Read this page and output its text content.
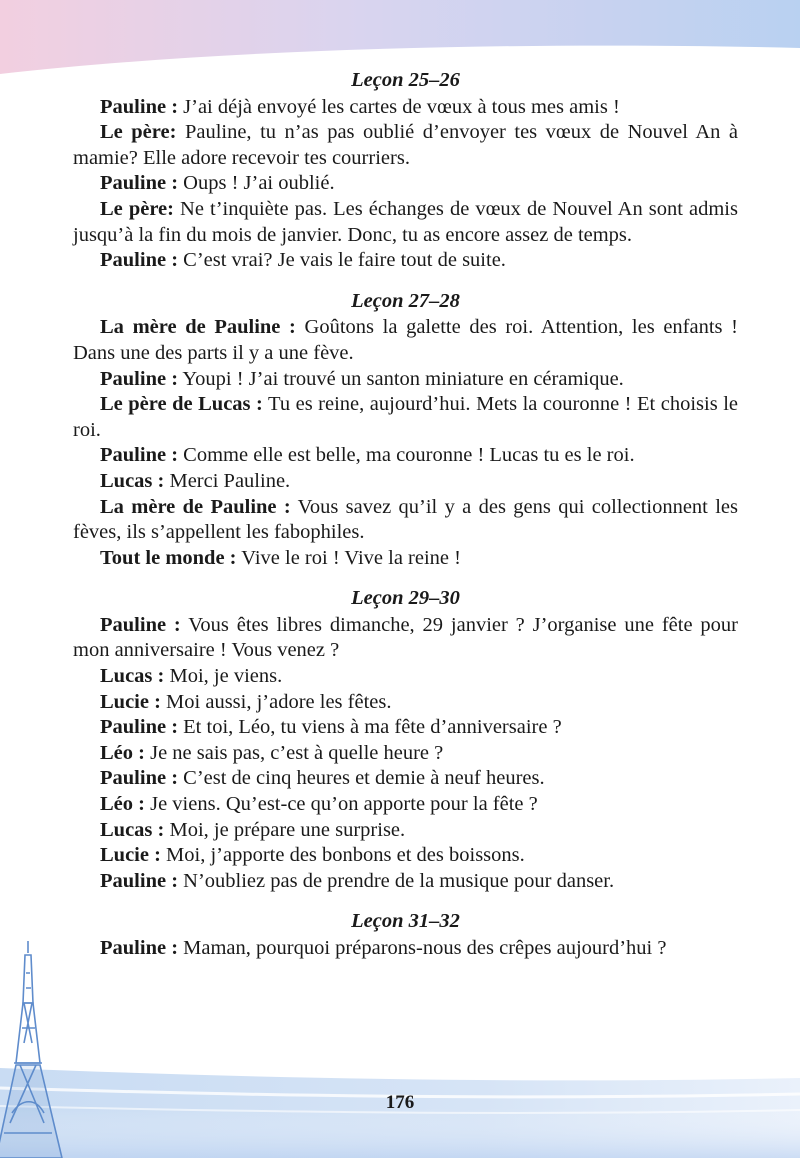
Leçon 25–26

Pauline : J’ai déjà envoyé les cartes de vœux à tous mes amis !

Le père: Pauline, tu n’as pas oublié d’envoyer tes vœux de Nouvel An à mamie? Elle adore recevoir tes courriers.

Pauline : Oups ! J’ai oublié.

Le père: Ne t’inquiète pas. Les échanges de vœux de Nouvel An sont admis jusqu’à la fin du mois de janvier. Donc, tu as encore assez de temps.

Pauline : C’est vrai? Je vais le faire tout de suite.

Leçon 27–28

La mère de Pauline : Goûtons la galette des roi. Attention, les enfants ! Dans une des parts il y a une fève.

Pauline : Youpi ! J’ai trouvé un santon miniature en céramique.

Le père de Lucas : Tu es reine, aujourd’hui. Mets la couronne ! Et choisis le roi.

Pauline : Comme elle est belle, ma couronne ! Lucas tu es le roi.

Lucas : Merci Pauline.

La mère de Pauline : Vous savez qu’il y a des gens qui collectionnent les fèves, ils s’appellent les fabophiles.

Tout le monde : Vive le roi ! Vive la reine !

Leçon 29–30

Pauline : Vous êtes libres dimanche, 29 janvier ? J’organise une fête pour mon anniversaire ! Vous venez ?

Lucas : Moi, je viens.

Lucie : Moi aussi, j’adore les fêtes.

Pauline : Et toi, Léo, tu viens à ma fête d’anniversaire ?

Léo : Je ne sais pas, c’est à quelle heure ?

Pauline : C’est de cinq heures et demie à neuf heures.

Léo : Je viens. Qu’est-ce qu’on apporte pour la fête ?

Lucas : Moi, je prépare une surprise.

Lucie : Moi, j’apporte des bonbons et des boissons.

Pauline : N’oubliez pas de prendre de la musique pour danser.

Leçon 31–32

Pauline : Maman, pourquoi préparons-nous des crêpes aujourd’hui ?

176
